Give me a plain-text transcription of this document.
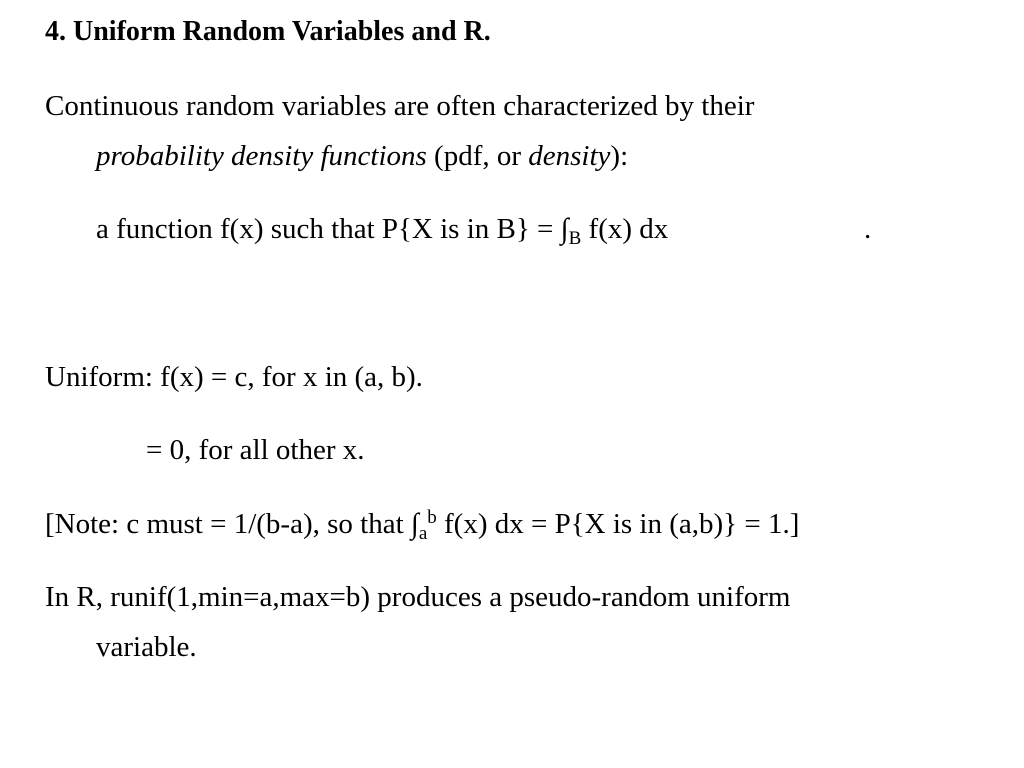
4. Uniform Random Variables and R.
Continuous random variables are often characterized by their
probability density functions (pdf, or density):
a function f(x) such that P{X is in $B\} = \int_B$ f(x) dx	.
Uniform: f(x) = c, for x in (a, b).
= 0, for all other x.
[Note: c must = 1/(b-a), so that $\int_a^b$ f(x) dx = P{X is in (a,b)} = 1.]
In R, runif(1,min=a,max=b) produces a pseudo-random uniform
variable.
